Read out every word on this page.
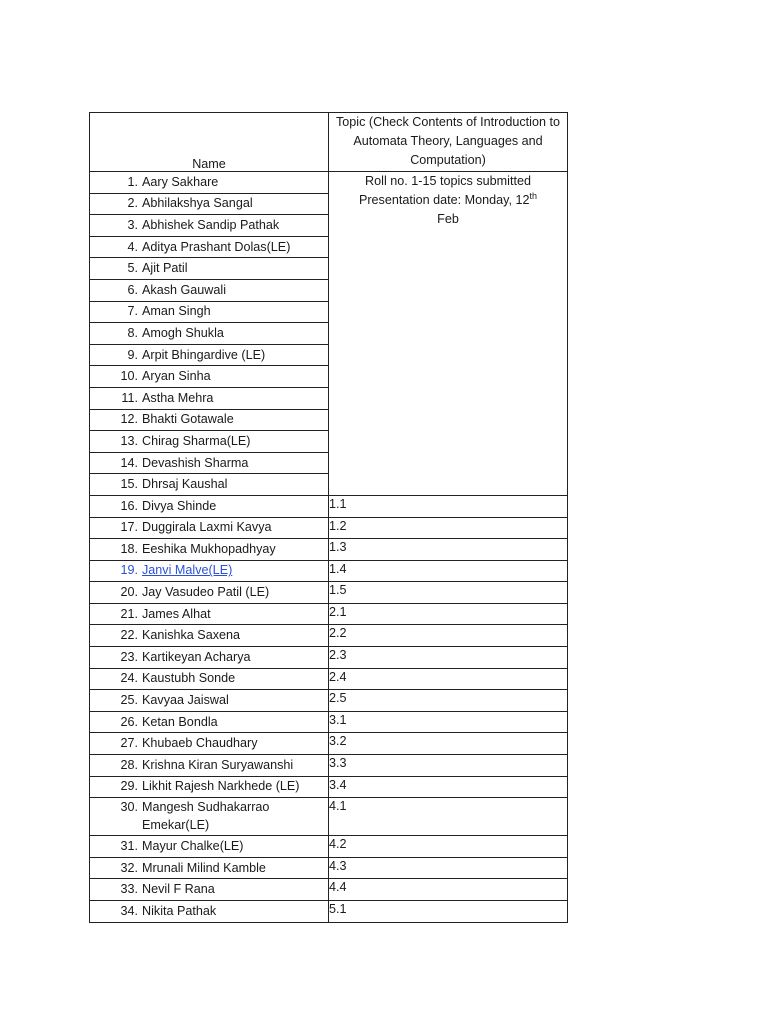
Name	Topic (Check Contents of Introduction to Automata Theory, Languages and Computation)
1. Aary Sakhare	Roll no. 1-15 topics submitted
Presentation date: Monday, 12th
Feb
2. Abhilakshya Sangal	
3. Abhishek Sandip Pathak	
4. Aditya Prashant Dolas(LE)	
5. Ajit Patil	
6. Akash Gauwali	
7. Aman Singh	
8. Amogh Shukla	
9. Arpit Bhingardive (LE)	
10. Aryan Sinha	
11. Astha Mehra	
12. Bhakti Gotawale	
13. Chirag Sharma(LE)	
14. Devashish Sharma	
15. Dhrsaj Kaushal	
16. Divya Shinde	1.1
17. Duggirala Laxmi Kavya	1.2
18. Eeshika Mukhopadhyay	1.3
19. Janvi Malve(LE)	1.4
20. Jay Vasudeo Patil (LE)	1.5
21. James Alhat	2.1
22. Kanishka Saxena	2.2
23. Kartikeyan Acharya	2.3
24. Kaustubh Sonde	2.4
25. Kavyaa Jaiswal	2.5
26. Ketan Bondla	3.1
27. Khubaeb Chaudhary	3.2
28. Krishna Kiran Suryawanshi	3.3
29. Likhit Rajesh Narkhede (LE)	3.4

30. Mangesh Sudhakarrao
Emekar(LE)	4.1
31. Mayur Chalke(LE)	4.2
32. Mrunali Milind Kamble	4.3
33. Nevil F Rana	4.4
34. Nikita Pathak	5.1
